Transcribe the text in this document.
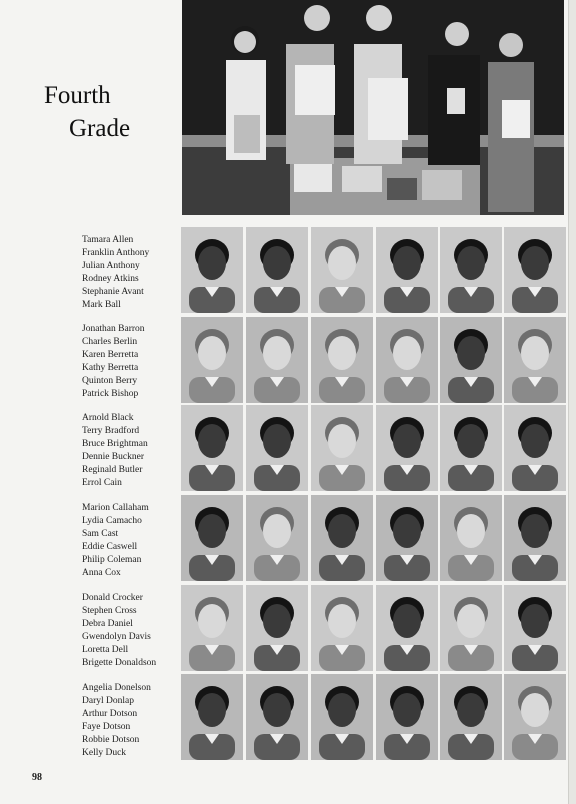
Fourth
Grade
98
Tamara Allen
Franklin Anthony
Julian Anthony
Rodney Atkins
Stephanie Avant
Mark Ball
Jonathan Barron
Charles Berlin
Karen Berretta
Kathy Berretta
Quinton Berry
Patrick Bishop
Arnold Black
Terry Bradford
Bruce Brightman
Dennie Buckner
Reginald Butler
Errol Cain
Marion Callaham
Lydia Camacho
Sam Cast
Eddie Caswell
Philip Coleman
Anna Cox
Donald Crocker
Stephen Cross
Debra Daniel
Gwendolyn Davis
Loretta Dell
Brigette Donaldson
Angelia Donelson
Daryl Donlap
Arthur Dotson
Faye Dotson
Robbie Dotson
Kelly Duck
